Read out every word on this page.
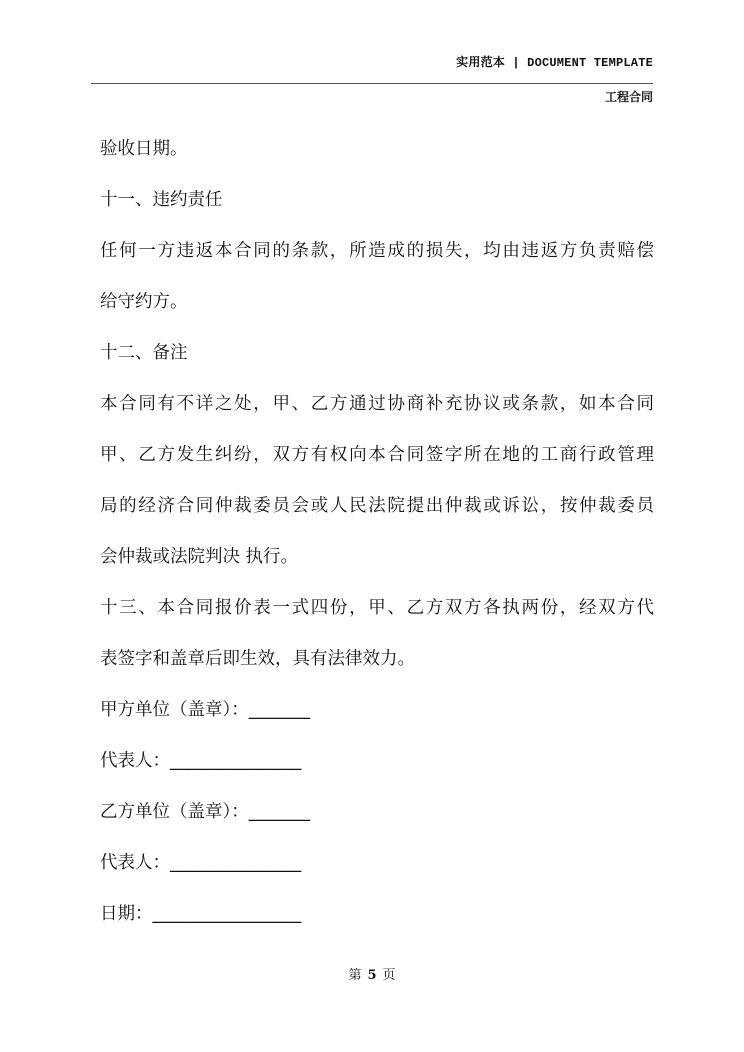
实用范本 | DOCUMENT TEMPLATE
工程合同
验收日期。
十一、违约责任
任何一方违返本合同的条款，所造成的损失，均由违返方负责赔偿
给守约方。
十二、备注
本合同有不详之处，甲、乙方通过协商补充协议或条款，如本合同
甲、乙方发生纠纷，双方有权向本合同签字所在地的工商行政管理
局的经济合同仲裁委员会或人民法院提出仲裁或诉讼，按仲裁委员
会仲裁或法院判决 执行。
十三、本合同报价表一式四份，甲、乙方双方各执两份，经双方代
表签字和盖章后即生效，具有法律效力。
甲方单位（盖章）：_______
代表人：_______________
乙方单位（盖章）：_______
代表人：_______________
日期：_________________
第 5 页
